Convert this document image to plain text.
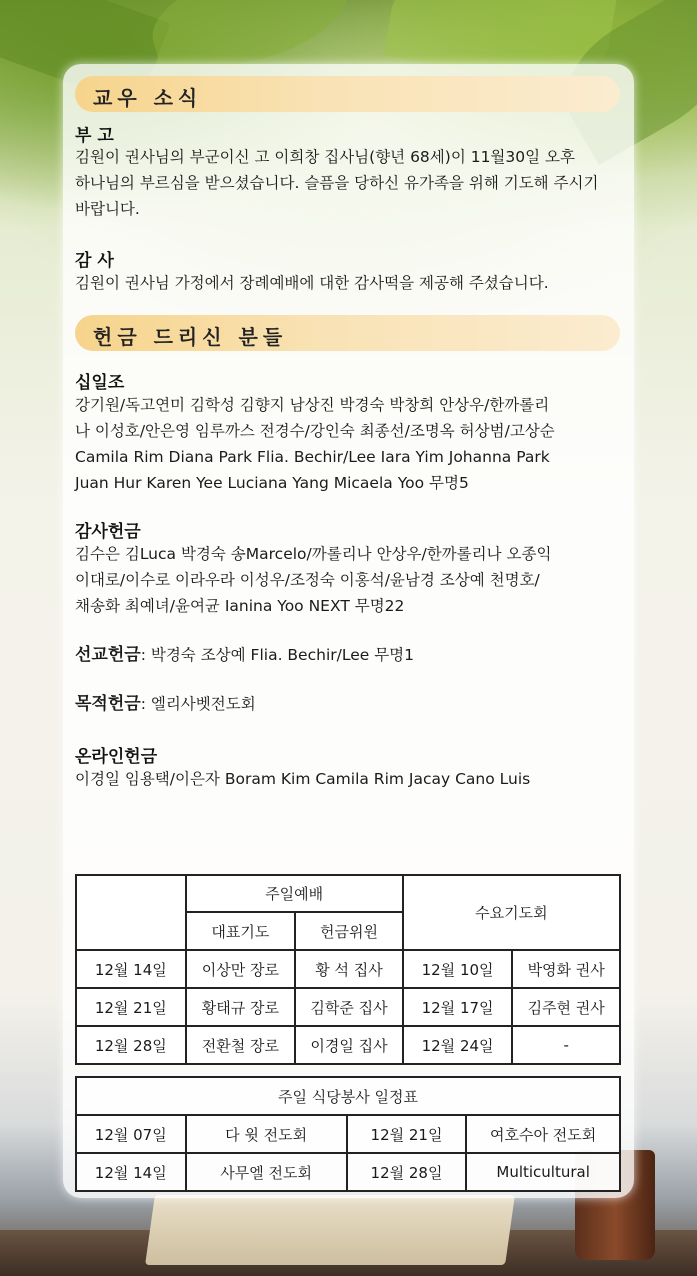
교우 소식
부 고
김원이 권사님의 부군이신 고 이희창 집사님(향년 68세)이 11월30일 오후
하나님의 부르심을 받으셨습니다. 슬픔을 당하신 유가족을 위해 기도해 주시기
바랍니다.
감 사
김원이 권사님 가정에서 장례예배에 대한 감사떡을 제공해 주셨습니다.
헌금 드리신 분들
십일조
강기원/독고연미 김학성 김향지 남상진 박경숙 박창희 안상우/한까롤리
나 이성호/안은영 임루까스 전경수/강인숙 최종선/조명옥 허상범/고상순
Camila Rim Diana Park Flia. Bechir/Lee Iara Yim Johanna Park
Juan Hur Karen Yee Luciana Yang Micaela Yoo 무명5
감사헌금
김수은 김Luca 박경숙 송Marcelo/까롤리나 안상우/한까롤리나 오종익
이대로/이수로 이라우라 이성우/조정숙 이홍석/윤남경 조상예 천명호/
채송화 최예녀/윤여균 Ianina Yoo NEXT 무명22
선교헌금: 박경숙 조상예 Flia. Bechir/Lee 무명1
목적헌금: 엘리사벳전도회
온라인헌금
이경일 임용택/이은자 Boram Kim Camila Rim Jacay Cano Luis
	주일예배		수요기도회	
	대표기도	헌금위원		
12월 14일	이상만 장로	황 석 집사	12월 10일	박영화 권사
12월 21일	황태규 장로	김학준 집사	12월 17일	김주현 권사
12월 28일	전환철 장로	이경일 집사	12월 24일	-
주일 식당봉사 일정표			
12월 07일	다 윗 전도회	12월 21일	여호수아 전도회
12월 14일	사무엘 전도회	12월 28일	Multicultural
